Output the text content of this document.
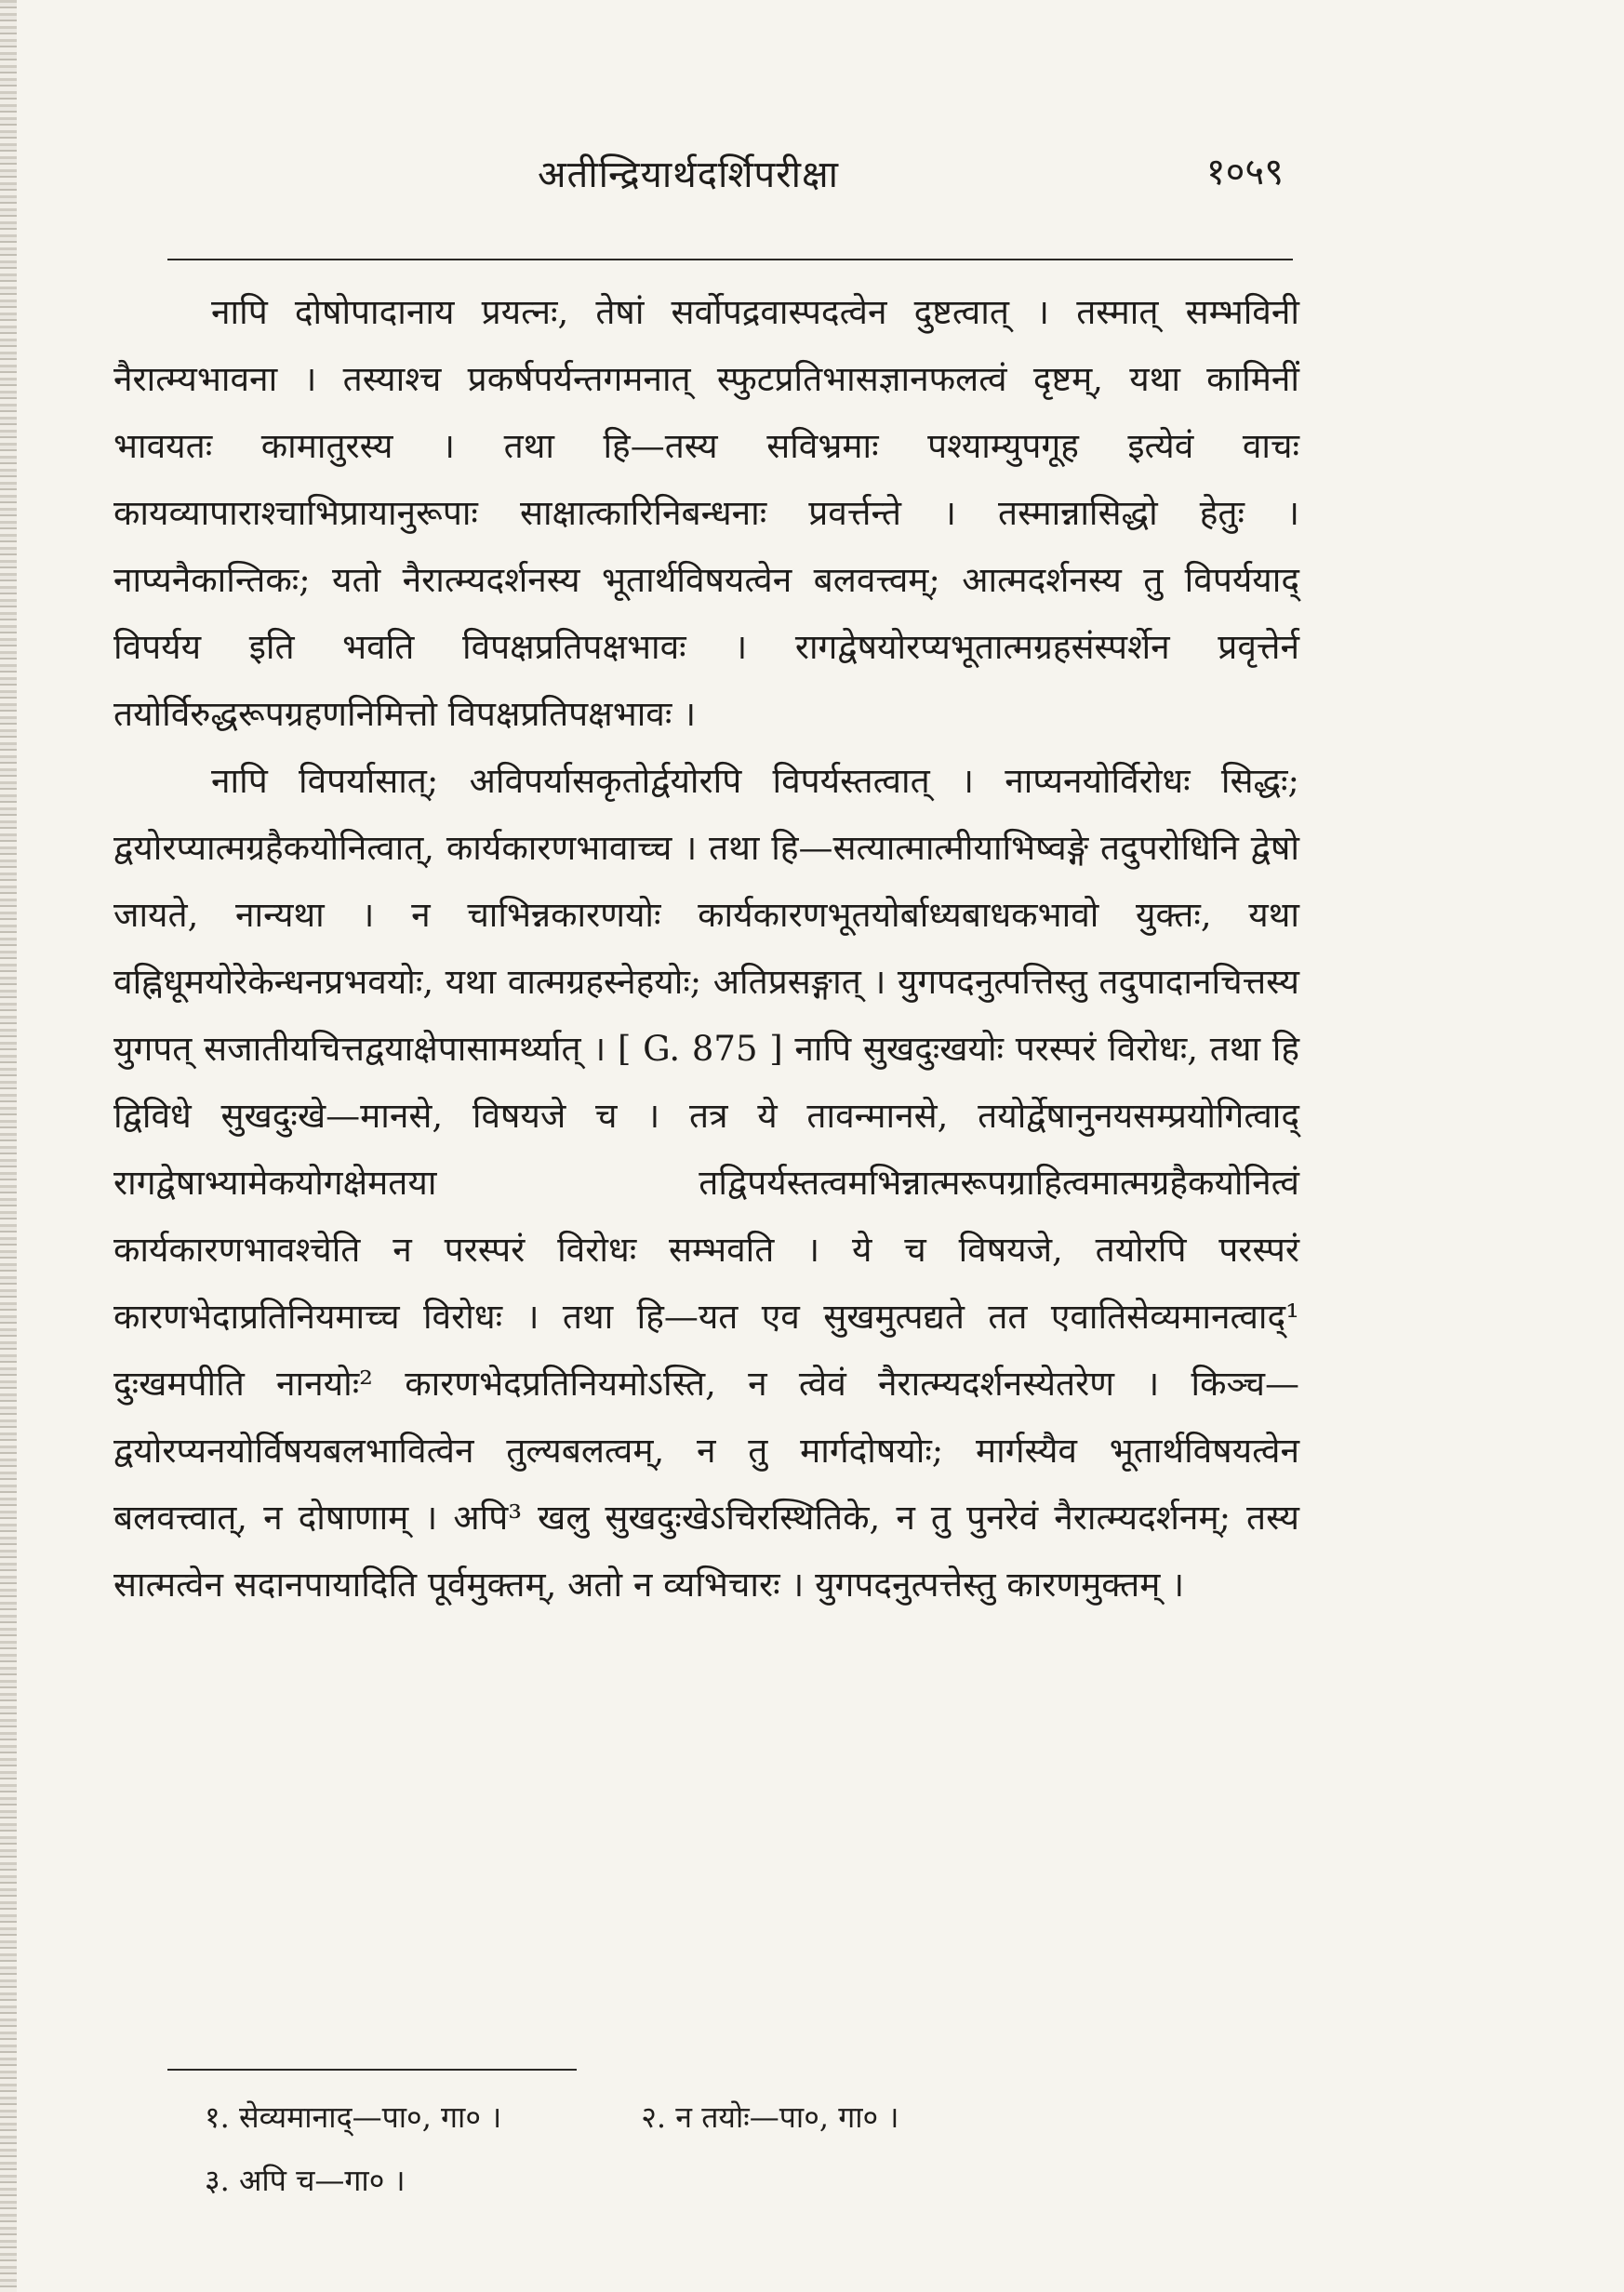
अतीन्द्रियार्थदर्शिपरीक्षा	१०५९

नापि दोषोपादानाय प्रयत्नः, तेषां सर्वोपद्रवास्पदत्वेन दुष्टत्वात् । तस्मात् सम्भविनी नैरात्म्यभावना । तस्याश्च प्रकर्षपर्यन्तगमनात् स्फुटप्रतिभासज्ञानफलत्वं दृष्टम्, यथा कामिनीं भावयतः कामातुरस्य । तथा हि—तस्य सविभ्रमाः पश्याम्युपगूह इत्येवं वाचः कायव्यापाराश्चाभिप्रायानुरूपाः साक्षात्कारिनिबन्धनाः प्रवर्त्तन्ते । तस्मान्नासिद्धो हेतुः । नाप्यनैकान्तिकः; यतो नैरात्म्यदर्शनस्य भूतार्थविषयत्वेन बलवत्त्वम्; आत्मदर्शनस्य तु विपर्ययाद् विपर्यय इति भवति विपक्षप्रतिपक्षभावः । रागद्वेषयोरप्यभूतात्मग्रहसंस्पर्शेन प्रवृत्तेर्न तयोर्विरुद्धरूपग्रहणनिमित्तो विपक्षप्रतिपक्षभावः ।

नापि विपर्यासात्; अविपर्यासकृतोर्द्वयोरपि विपर्यस्तत्वात् । नाप्यनयोर्विरोधः सिद्धः; द्वयोरप्यात्मग्रहैकयोनित्वात्, कार्यकारणभावाच्च । तथा हि—सत्यात्मात्मीयाभिष्वङ्गे तदुपरोधिनि द्वेषो जायते, नान्यथा । न चाभिन्नकारणयोः कार्यकारणभूतयोर्बाध्यबाधकभावो युक्तः, यथा वह्निधूमयोरेकेन्धनप्रभवयोः, यथा वात्मग्रहस्नेहयोः; अतिप्रसङ्गात् । युगपदनुत्पत्तिस्तु तदुपादानचित्तस्य युगपत् सजातीयचित्तद्वयाक्षेपासामर्थ्यात् । [ G. 875 ] नापि सुखदुःखयोः परस्परं विरोधः, तथा हि द्विविधे सुखदुःखे—मानसे, विषयजे च । तत्र ये तावन्मानसे, तयोर्द्वेषानुनयसम्प्रयोगित्वाद् रागद्वेषाभ्यामेकयोगक्षेमतया तद्विपर्यस्तत्वमभिन्नात्मरूपग्राहित्वमात्मग्रहैकयोनित्वं कार्यकारणभावश्चेति न परस्परं विरोधः सम्भवति । ये च विषयजे, तयोरपि परस्परं कारणभेदाप्रतिनियमाच्च विरोधः । तथा हि—यत एव सुखमुत्पद्यते तत एवातिसेव्यमानत्वाद्¹ दुःखमपीति नानयोः² कारणभेदप्रतिनियमोऽस्ति, न त्वेवं नैरात्म्यदर्शनस्येतरेण । किञ्च—द्वयोरप्यनयोर्विषयबलभावित्वेन तुल्यबलत्वम्, न तु मार्गदोषयोः; मार्गस्यैव भूतार्थविषयत्वेन बलवत्त्वात्, न दोषाणाम् । अपि³ खलु सुखदुःखेऽचिरस्थितिके, न तु पुनरेवं नैरात्म्यदर्शनम्; तस्य सात्मत्वेन सदानपायादिति पूर्वमुक्तम्, अतो न व्यभिचारः । युगपदनुत्पत्तेस्तु कारणमुक्तम् ।

१. सेव्यमानाद्—पा०, गा० ।	२. न तयोः—पा०, गा० ।
३. अपि च—गा० ।
